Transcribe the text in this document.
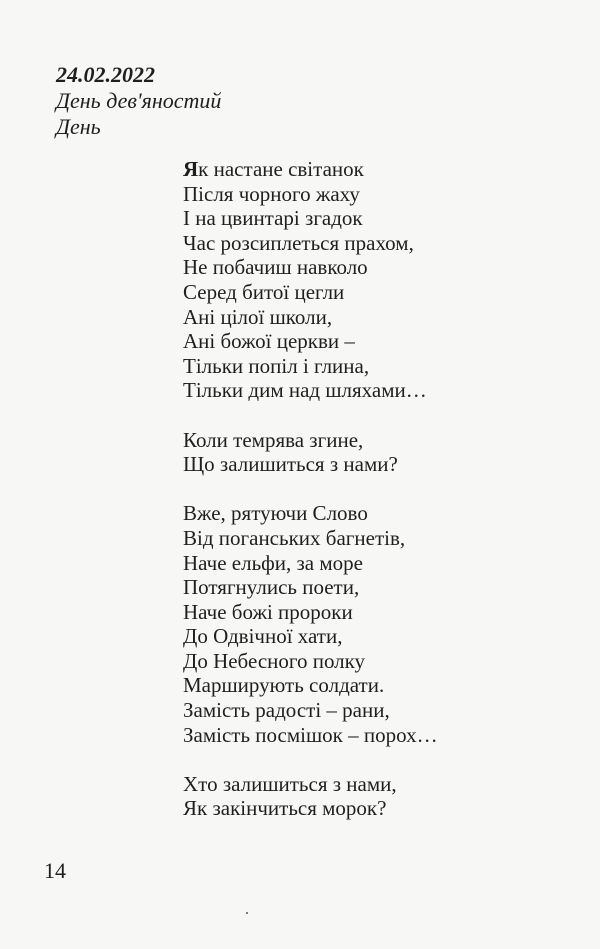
24.02.2022
День дев'яностий
День
Як настане світанок
Після чорного жаху
І на цвинтарі згадок
Час розсиплеться прахом,
Не побачиш навколо
Серед битої цегли
Ані цілої школи,
Ані божої церкви –
Тільки попіл і глина,
Тільки дим над шляхами…
Коли темрява згине,
Що залишиться з нами?
Вже, рятуючи Слово
Від поганських багнетів,
Наче ельфи, за море
Потягнулись поети,
Наче божі пророки
До Одвічної хати,
До Небесного полку
Марширують солдати.
Замість радості – рани,
Замість посмішок – порох…
Хто залишиться з нами,
Як закінчиться морок?
14
